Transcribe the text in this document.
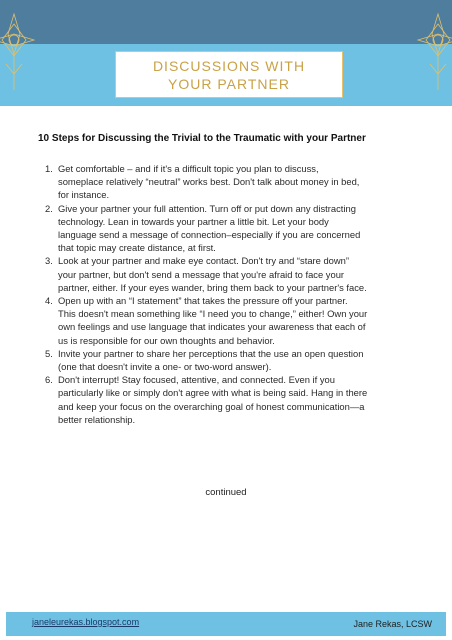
DISCUSSIONS WITH
YOUR PARTNER
10 Steps for Discussing the Trivial to the Traumatic with your Partner
1. Get comfortable – and if it's a difficult topic you plan to discuss,
someplace relatively “neutral” works best. Don't talk about money in bed,
for instance.
2. Give your partner your full attention. Turn off or put down any distracting
technology. Lean in towards your partner a little bit. Let your body
language send a message of connection–especially if you are concerned
that topic may create distance, at first.
3. Look at your partner and make eye contact. Don't try and “stare down”
your partner, but don't send a message that you're afraid to face your
partner, either. If your eyes wander, bring them back to your partner's face.
4. Open up with an “I statement” that takes the pressure off your partner.
This doesn't mean something like “I need you to change,” either! Own your
own feelings and use language that indicates your awareness that each of
us is responsible for our own thoughts and behavior.
5. Invite your partner to share her perceptions that the use an open question
(one that doesn't invite a one- or two-word answer).
6. Don't interrupt! Stay focused, attentive, and connected. Even if you
particularly like or simply don't agree with what is being said. Hang in there
and keep your focus on the overarching goal of honest communication—a
better relationship.
continued
janeleurekas.blogspot.com	Jane Rekas, LCSW
